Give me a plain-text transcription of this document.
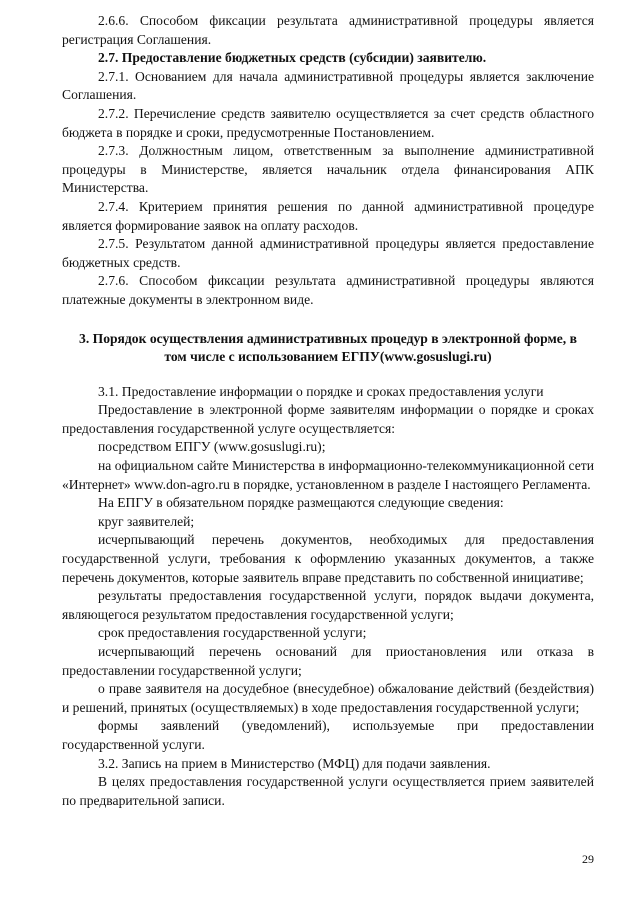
2.6.6. Способом фиксации результата административной процедуры является регистрация Соглашения.

2.7. Предоставление бюджетных средств (субсидии) заявителю.

2.7.1. Основанием для начала административной процедуры является заключение Соглашения.

2.7.2. Перечисление средств заявителю осуществляется за счет средств областного бюджета в порядке и сроки, предусмотренные Постановлением.

2.7.3. Должностным лицом, ответственным за выполнение административной процедуры в Министерстве, является начальник отдела финансирования АПК Министерства.

2.7.4. Критерием принятия решения по данной административной процедуре является формирование заявок на оплату расходов.

2.7.5. Результатом данной административной процедуры является предоставление бюджетных средств.

2.7.6. Способом фиксации результата административной процедуры являются платежные документы в электронном виде.

3. Порядок осуществления административных процедур в электронной форме, в том числе с использованием ЕГПУ(www.gosuslugi.ru)

3.1. Предоставление информации о порядке и сроках предоставления услуги

Предоставление в электронной форме заявителям информации о порядке и сроках предоставления государственной услуге осуществляется:

посредством ЕПГУ (www.gosuslugi.ru);

на официальном сайте Министерства в информационно-телекоммуникационной сети «Интернет» www.don-agro.ru в порядке, установленном в разделе I настоящего Регламента.

На ЕПГУ в обязательном порядке размещаются следующие сведения:

круг заявителей;

исчерпывающий перечень документов, необходимых для предоставления государственной услуги, требования к оформлению указанных документов, а также перечень документов, которые заявитель вправе представить по собственной инициативе;

результаты предоставления государственной услуги, порядок выдачи документа, являющегося результатом предоставления государственной услуги;

срок предоставления государственной услуги;

исчерпывающий перечень оснований для приостановления или отказа в предоставлении государственной услуги;

о праве заявителя на досудебное (внесудебное) обжалование действий (бездействия) и решений, принятых (осуществляемых) в ходе предоставления государственной услуги;

формы заявлений (уведомлений), используемые при предоставлении государственной услуги.

3.2. Запись на прием в Министерство (МФЦ) для подачи заявления.

В целях предоставления государственной услуги осуществляется прием заявителей по предварительной записи.

29
